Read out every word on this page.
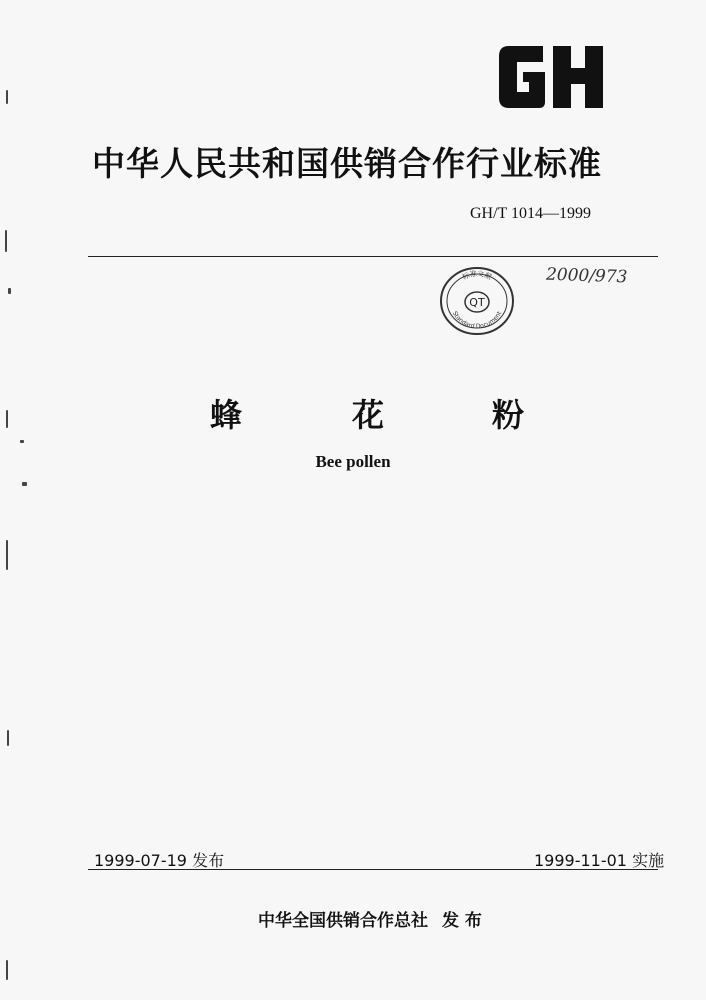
中华人民共和国供销合作行业标准
GH/T 1014—1999
标准文献
QT
Standard Document
2000/973
蜂	花	粉
Bee pollen
1999-07-19 发布	1999-11-01 实施
中华全国供销合作总社 发 布
